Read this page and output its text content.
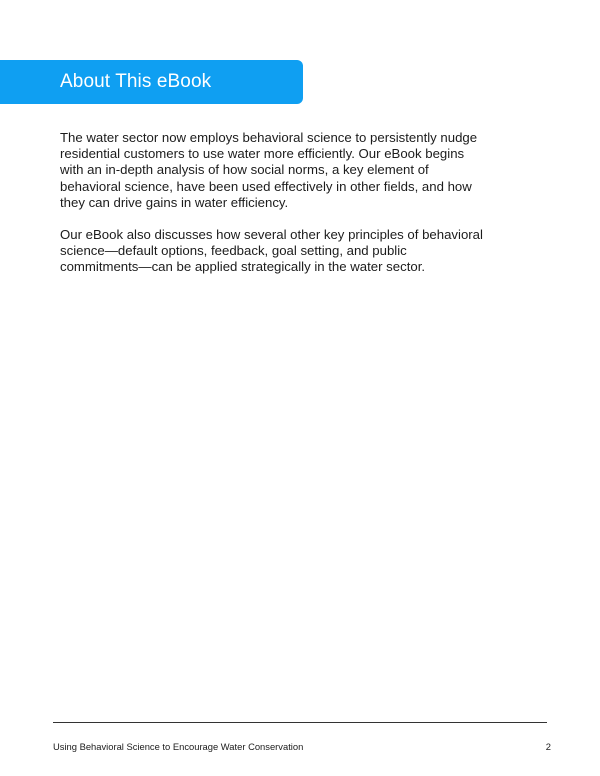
About This eBook

The water sector now employs behavioral science to persistently nudge
residential customers to use water more efficiently. Our eBook begins
with an in-depth analysis of how social norms, a key element of
behavioral science, have been used effectively in other fields, and how
they can drive gains in water efficiency.

Our eBook also discusses how several other key principles of behavioral
science—default options, feedback, goal setting, and public
commitments—can be applied strategically in the water sector.

Using Behavioral Science to Encourage Water Conservation	2
